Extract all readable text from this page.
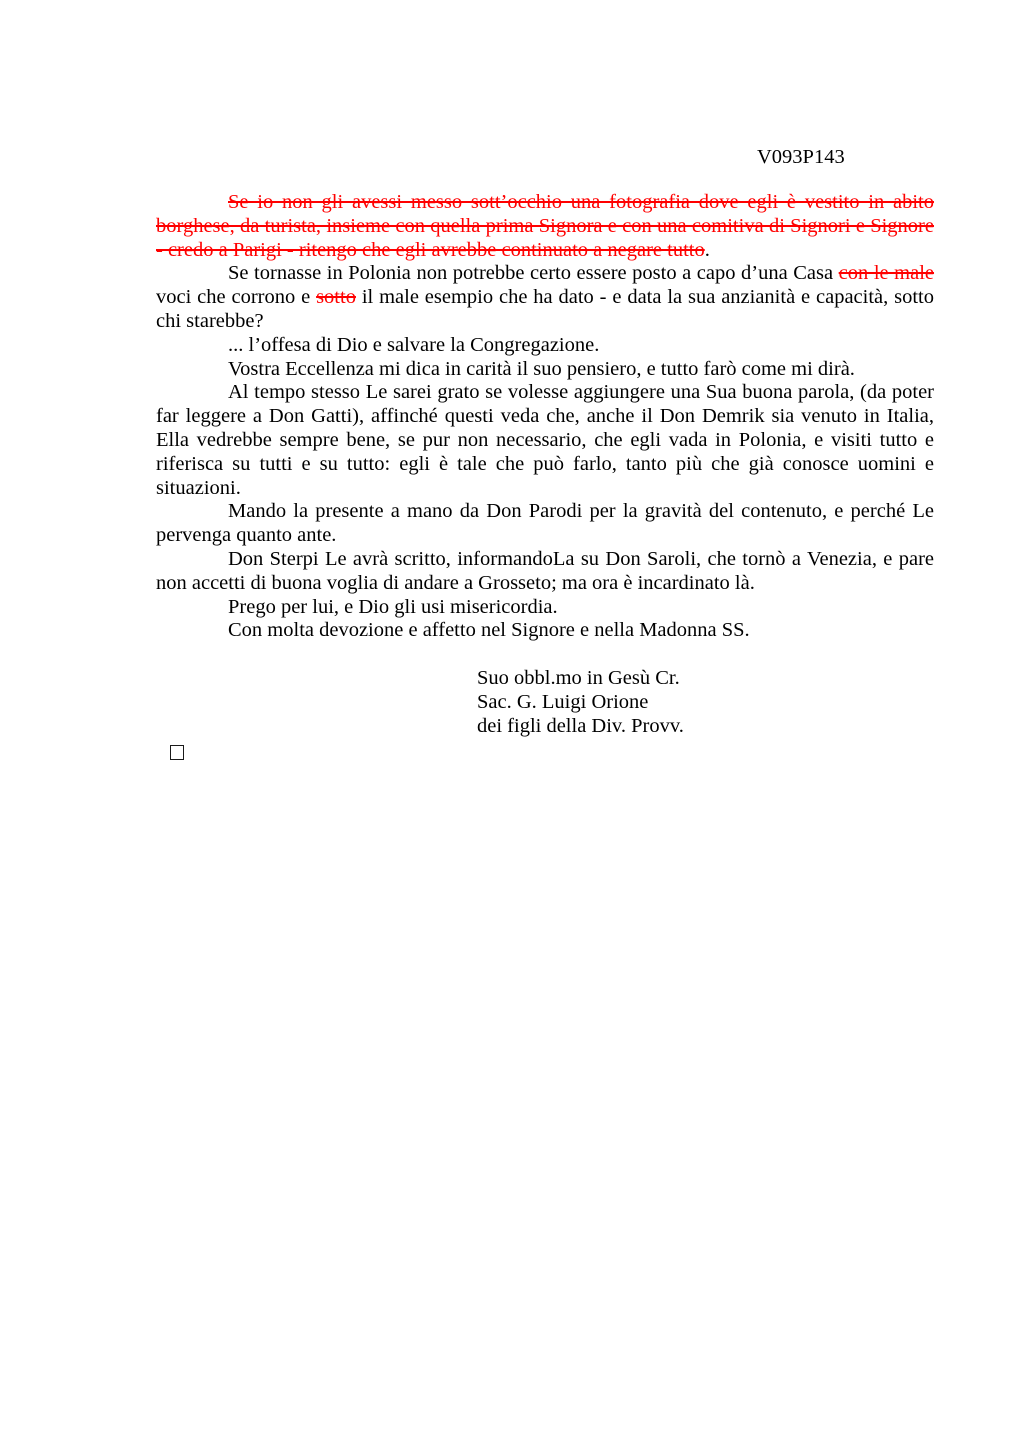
V093P143

Se io non gli avessi messo sott’occhio una fotografia dove egli è vestito in abito borghese, da turista, insieme con quella prima Signora e con una comitiva di Signori e Signore - credo a Parigi - ritengo che egli avrebbe continuato a negare tutto.

Se tornasse in Polonia non potrebbe certo essere posto a capo d’una Casa con le male voci che corrono e sotto il male esempio che ha dato - e data la sua anzianità e capacità, sotto chi starebbe?

... l’offesa di Dio e salvare la Congregazione.

Vostra Eccellenza mi dica in carità il suo pensiero, e tutto farò come mi dirà.

Al tempo stesso Le sarei grato se volesse aggiungere una Sua buona parola, (da poter far leggere a Don Gatti), affinché questi veda che, anche il Don Demrik sia venuto in Italia, Ella vedrebbe sempre bene, se pur non necessario, che egli vada in Polonia, e visiti tutto e riferisca su tutti e su tutto: egli è tale che può farlo, tanto più che già conosce uomini e situazioni.

Mando la presente a mano da Don Parodi per la gravità del contenuto, e perché Le pervenga quanto ante.

Don Sterpi Le avrà scritto, informandoLa su Don Saroli, che tornò a Venezia, e pare non accetti di buona voglia di andare a Grosseto; ma ora è incardinato là.

Prego per lui, e Dio gli usi misericordia.

Con molta devozione e affetto nel Signore e nella Madonna SS.

Suo obbl.mo in Gesù Cr.
Sac. G. Luigi Orione
dei figli della Div. Provv.
